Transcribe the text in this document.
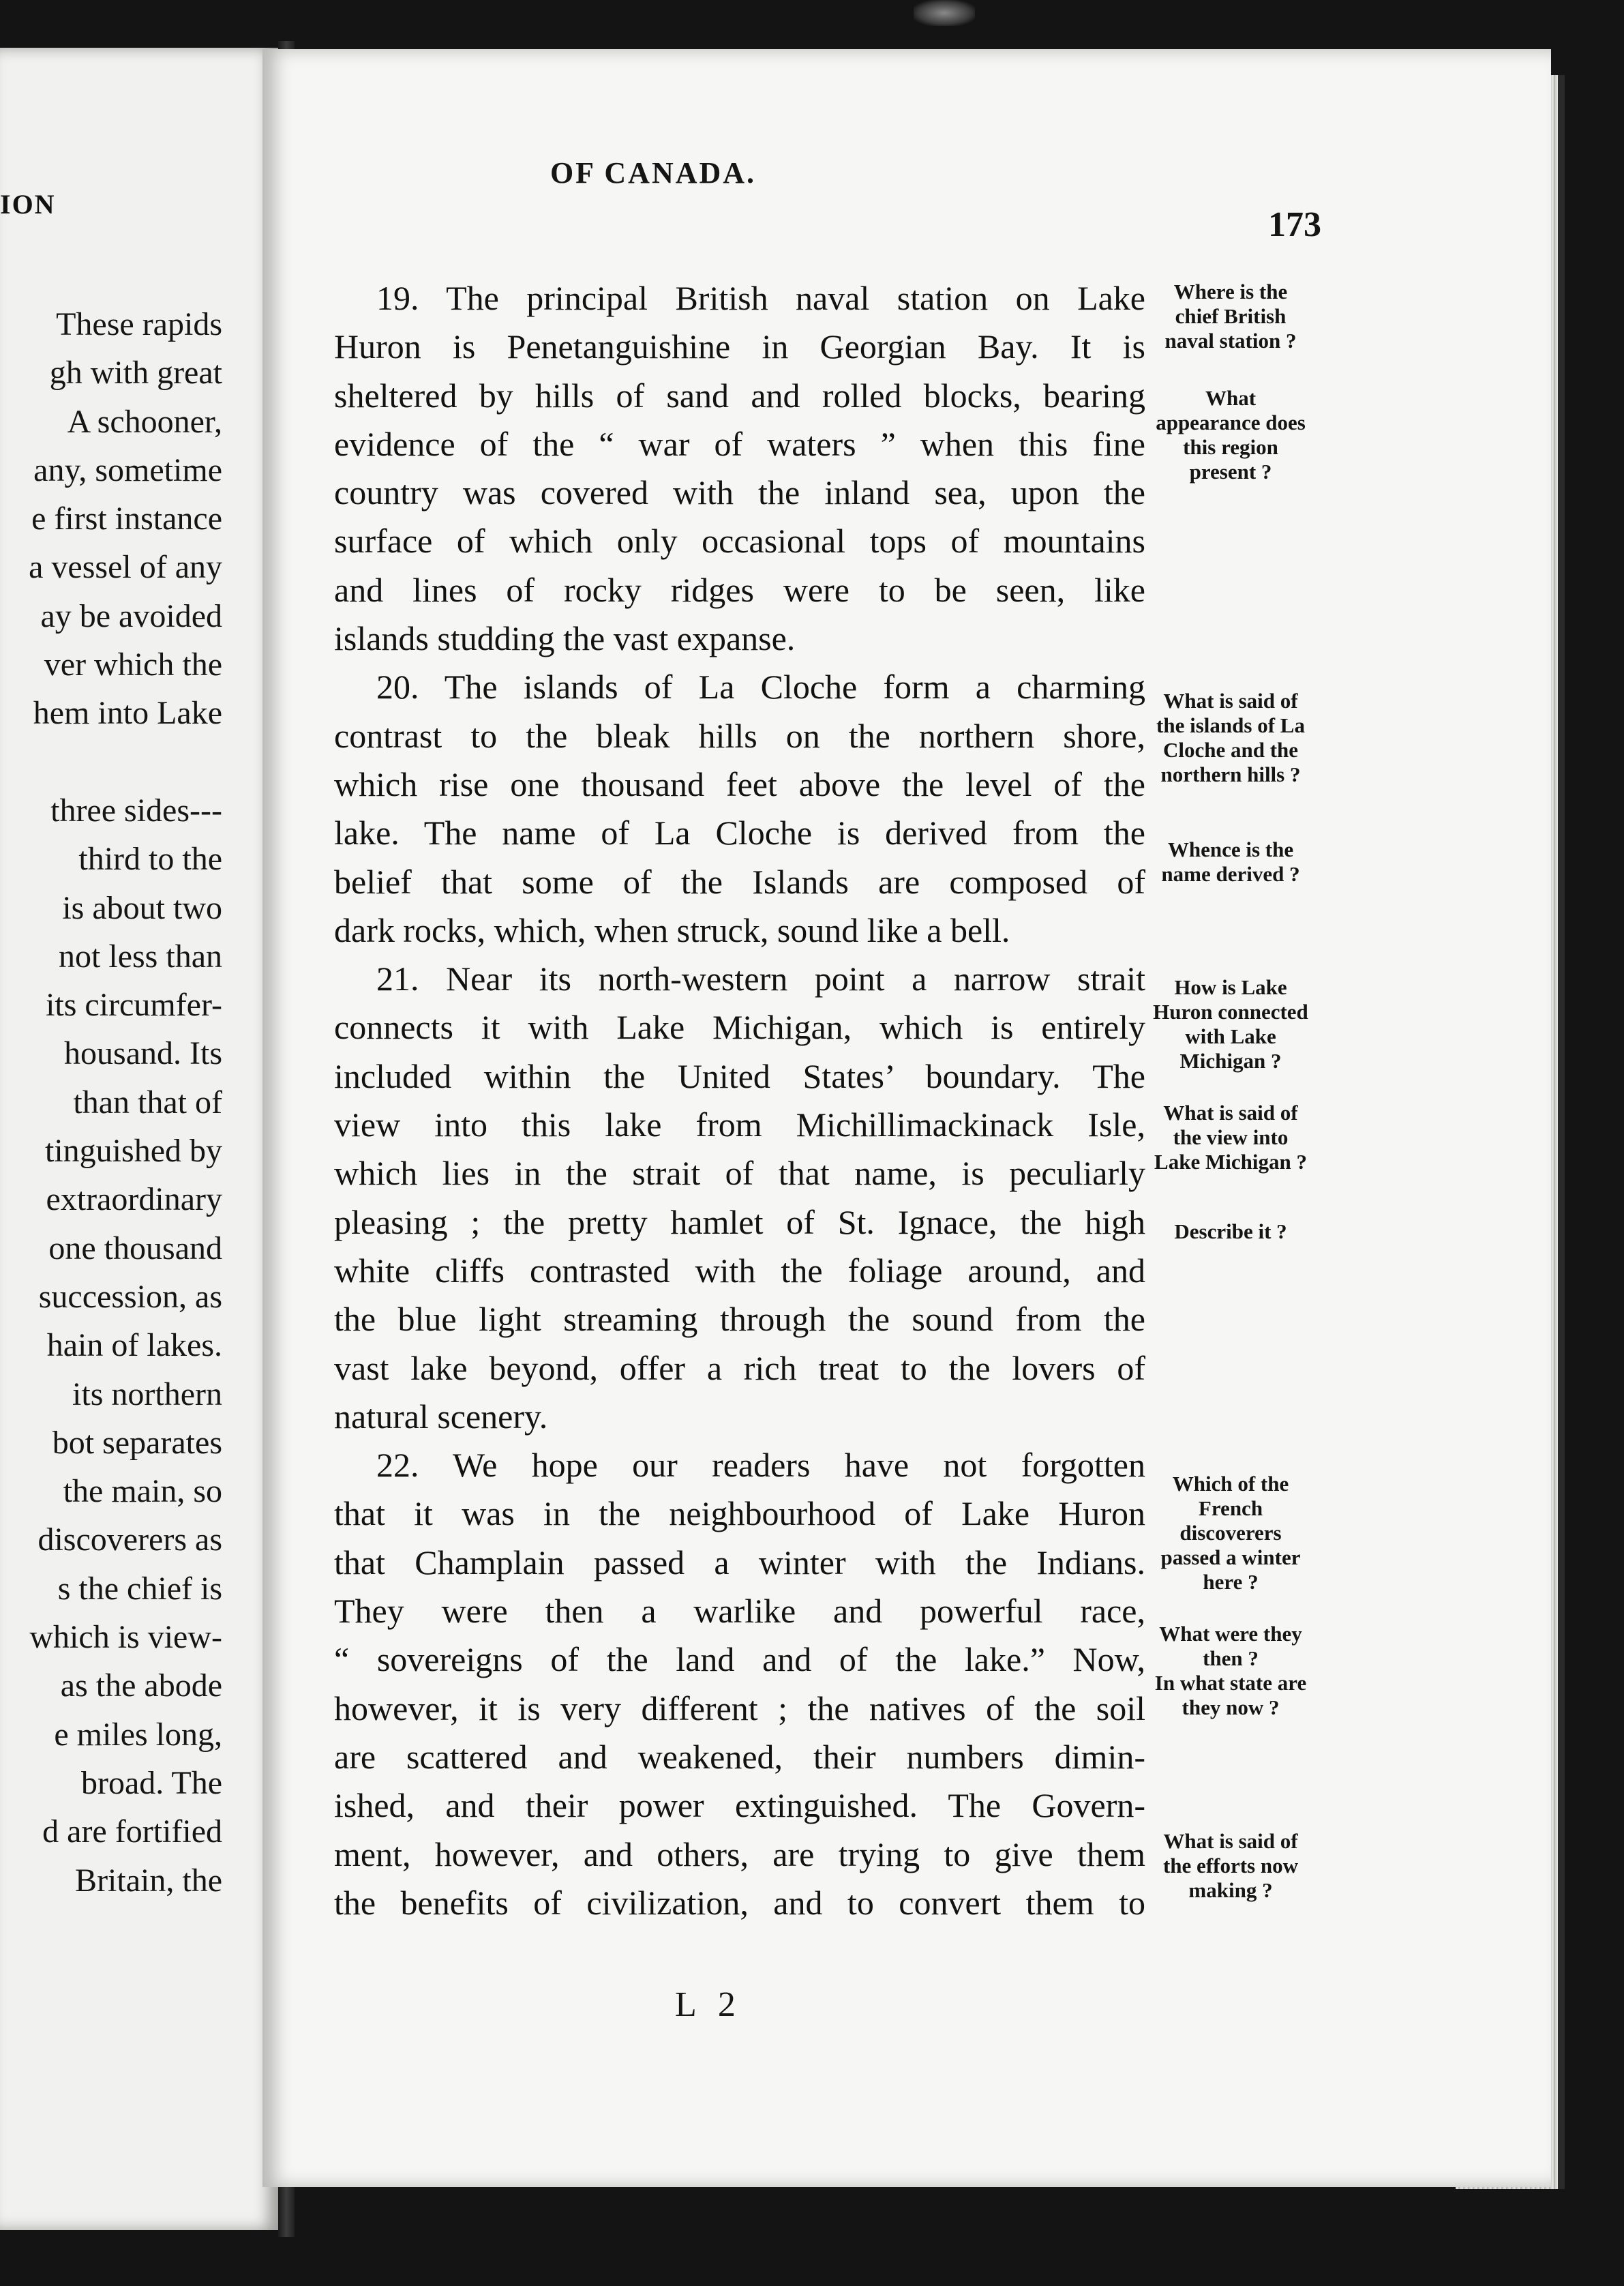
ION
These rapids
gh with great
A schooner,
any, sometime
e first instance
a vessel of any
ay be avoided
ver which the
hem into Lake
three sides---
third to the
is about two
not less than
its circumfer-
housand. Its
than that of
tinguished by
extraordinary
one thousand
succession, as
hain of lakes.
its northern
bot separates
the main, so
discoverers as
s the chief is
which is view-
as the abode
e miles long,
broad. The
d are fortified
Britain, the
OF CANADA.
173
19. The principal British naval station on Lake
Huron is Penetanguishine in Georgian Bay. It is
sheltered by hills of sand and rolled blocks, bearing
evidence of the “ war of waters ” when this fine
country was covered with the inland sea, upon the
surface of which only occasional tops of mountains
and lines of rocky ridges were to be seen, like
islands studding the vast expanse.
20. The islands of La Cloche form a charming
contrast to the bleak hills on the northern shore,
which rise one thousand feet above the level of the
lake. The name of La Cloche is derived from the
belief that some of the Islands are composed of
dark rocks, which, when struck, sound like a bell.
21. Near its north-western point a narrow strait
connects it with Lake Michigan, which is entirely
included within the United States’ boundary. The
view into this lake from Michillimackinack Isle,
which lies in the strait of that name, is peculiarly
pleasing ; the pretty hamlet of St. Ignace, the high
white cliffs contrasted with the foliage around, and
the blue light streaming through the sound from the
vast lake beyond, offer a rich treat to the lovers of
natural scenery.
22. We hope our readers have not forgotten
that it was in the neighbourhood of Lake Huron
that Champlain passed a winter with the Indians.
They were then a warlike and powerful race,
“ sovereigns of the land and of the lake.” Now,
however, it is very different ; the natives of the soil
are scattered and weakened, their numbers dimin-
ished, and their power extinguished. The Govern-
ment, however, and others, are trying to give them
the benefits of civilization, and to convert them to
Where is the chief British naval station ?
What appearance does this region present ?
What is said of the islands of La Cloche and the northern hills ?
Whence is the name derived ?
How is Lake Huron connected with Lake Michigan ?
What is said of the view into Lake Michigan ?
Describe it ?
Which of the French discoverers passed a winter here ?
What were they then ?
In what state are they now ?
What is said of the efforts now making ?
L 2
